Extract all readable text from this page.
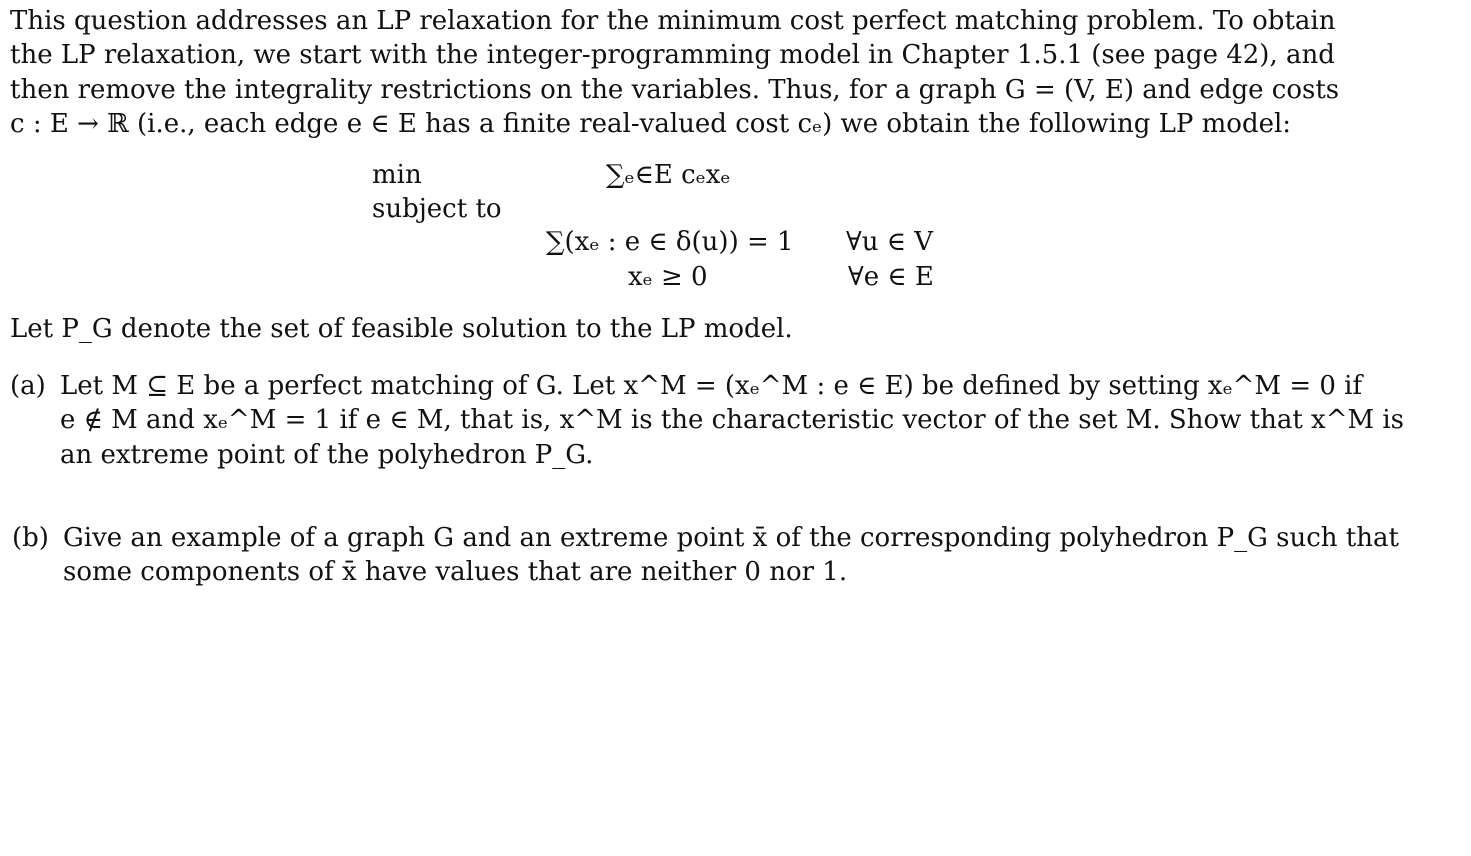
This question addresses an LP relaxation for the minimum cost perfect matching problem. To obtain
the LP relaxation, we start with the integer-programming model in Chapter 1.5.1 (see page 42), and
then remove the integrality restrictions on the variables. Thus, for a graph G = (V, E) and edge costs
c : E → ℝ (i.e., each edge e ∈ E has a finite real-valued cost cₑ) we obtain the following LP model:
min
subject to
∑ₑ∈E cₑxₑ
∑(xₑ : e ∈ δ(u)) = 1 ∀u ∈ V
xₑ ≥ 0	∀e ∈ E
Let P_G denote the set of feasible solution to the LP model.
(a) Let M ⊆ E be a perfect matching of G. Let x^M = (xₑ^M : e ∈ E) be defined by setting xₑ^M = 0 if
e ∉ M and xₑ^M = 1 if e ∈ M, that is, x^M is the characteristic vector of the set M. Show that x^M is
an extreme point of the polyhedron P_G.
(b) Give an example of a graph G and an extreme point x̄ of the corresponding polyhedron P_G such that
some components of x̄ have values that are neither 0 nor 1.
